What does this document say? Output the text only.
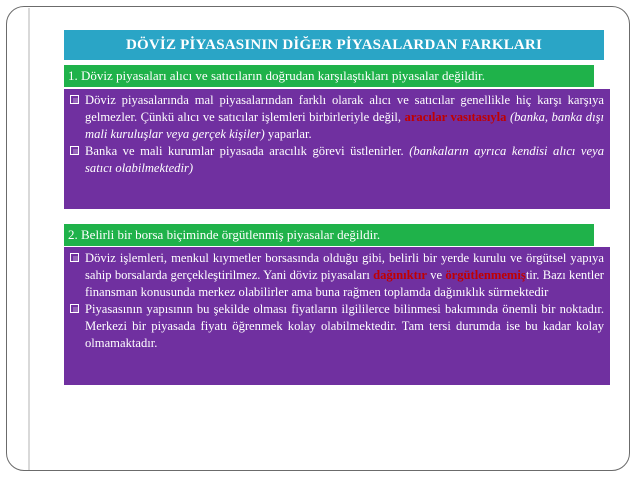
DÖVİZ PİYASASININ DİĞER PİYASALARDAN FARKLARI
1. Döviz piyasaları alıcı ve satıcıların doğrudan karşılaştıkları piyasalar değildir.

Döviz piyasalarında mal piyasalarından farklı olarak alıcı ve satıcılar genellikle hiç karşı karşıya gelmezler. Çünkü alıcı ve satıcılar işlemleri birbirleriyle değil, aracılar vasıtasıyla (banka, banka dışı mali kuruluşlar veya gerçek kişiler) yaparlar.

Banka ve mali kurumlar piyasada aracılık görevi üstlenirler. (bankaların ayrıca kendisi alıcı veya satıcı olabilmektedir)

2. Belirli bir borsa biçiminde örgütlenmiş piyasalar değildir.

Döviz işlemleri, menkul kıymetler borsasında olduğu gibi, belirli bir yerde kurulu ve örgütsel yapıya sahip borsalarda gerçekleştirilmez. Yani döviz piyasaları dağınıktır ve örgütlenmemiştir. Bazı kentler finansman konusunda merkez olabilirler ama buna rağmen toplamda dağınıklık sürmektedir

Piyasasının yapısının bu şekilde olması fiyatların ilgililerce bilinmesi bakımında önemli bir noktadır. Merkezi bir piyasada fiyatı öğrenmek kolay olabilmektedir. Tam tersi durumda ise bu kadar kolay olmamaktadır.
